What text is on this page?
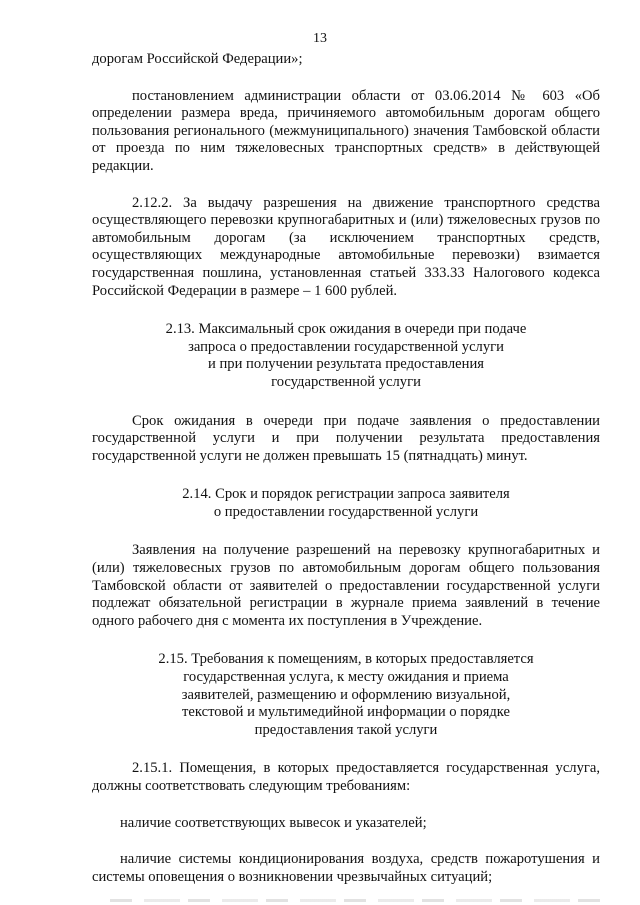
13

дорогам Российской Федерации»;

постановлением администрации области от 03.06.2014 № 603 «Об определении размера вреда, причиняемого автомобильным дорогам общего пользования регионального (межмуниципального) значения Тамбовской области от проезда по ним тяжеловесных транспортных средств» в действующей редакции.

2.12.2. За выдачу разрешения на движение транспортного средства осуществляющего перевозки крупногабаритных и (или) тяжеловесных грузов по автомобильным дорогам (за исключением транспортных средств, осуществляющих международные автомобильные перевозки) взимается государственная пошлина, установленная статьей 333.33 Налогового кодекса Российской Федерации в размере – 1 600 рублей.

2.13. Максимальный срок ожидания в очереди при подаче
запроса о предоставлении государственной услуги
и при получении результата предоставления
государственной услуги

Срок ожидания в очереди при подаче заявления о предоставлении государственной услуги и при получении результата предоставления государственной услуги не должен превышать 15 (пятнадцать) минут.

2.14. Срок и порядок регистрации запроса заявителя
о предоставлении государственной услуги

Заявления на получение разрешений на перевозку крупногабаритных и (или) тяжеловесных грузов по автомобильным дорогам общего пользования Тамбовской области от заявителей о предоставлении государственной услуги подлежат обязательной регистрации в журнале приема заявлений в течение одного рабочего дня с момента их поступления в Учреждение.

2.15. Требования к помещениям, в которых предоставляется
государственная услуга, к месту ожидания и приема
заявителей, размещению и оформлению визуальной,
текстовой и мультимедийной информации о порядке
предоставления такой услуги

2.15.1. Помещения, в которых предоставляется государственная услуга, должны соответствовать следующим требованиям:

наличие соответствующих вывесок и указателей;

наличие системы кондиционирования воздуха, средств пожаротушения и системы оповещения о возникновении чрезвычайных ситуаций;
